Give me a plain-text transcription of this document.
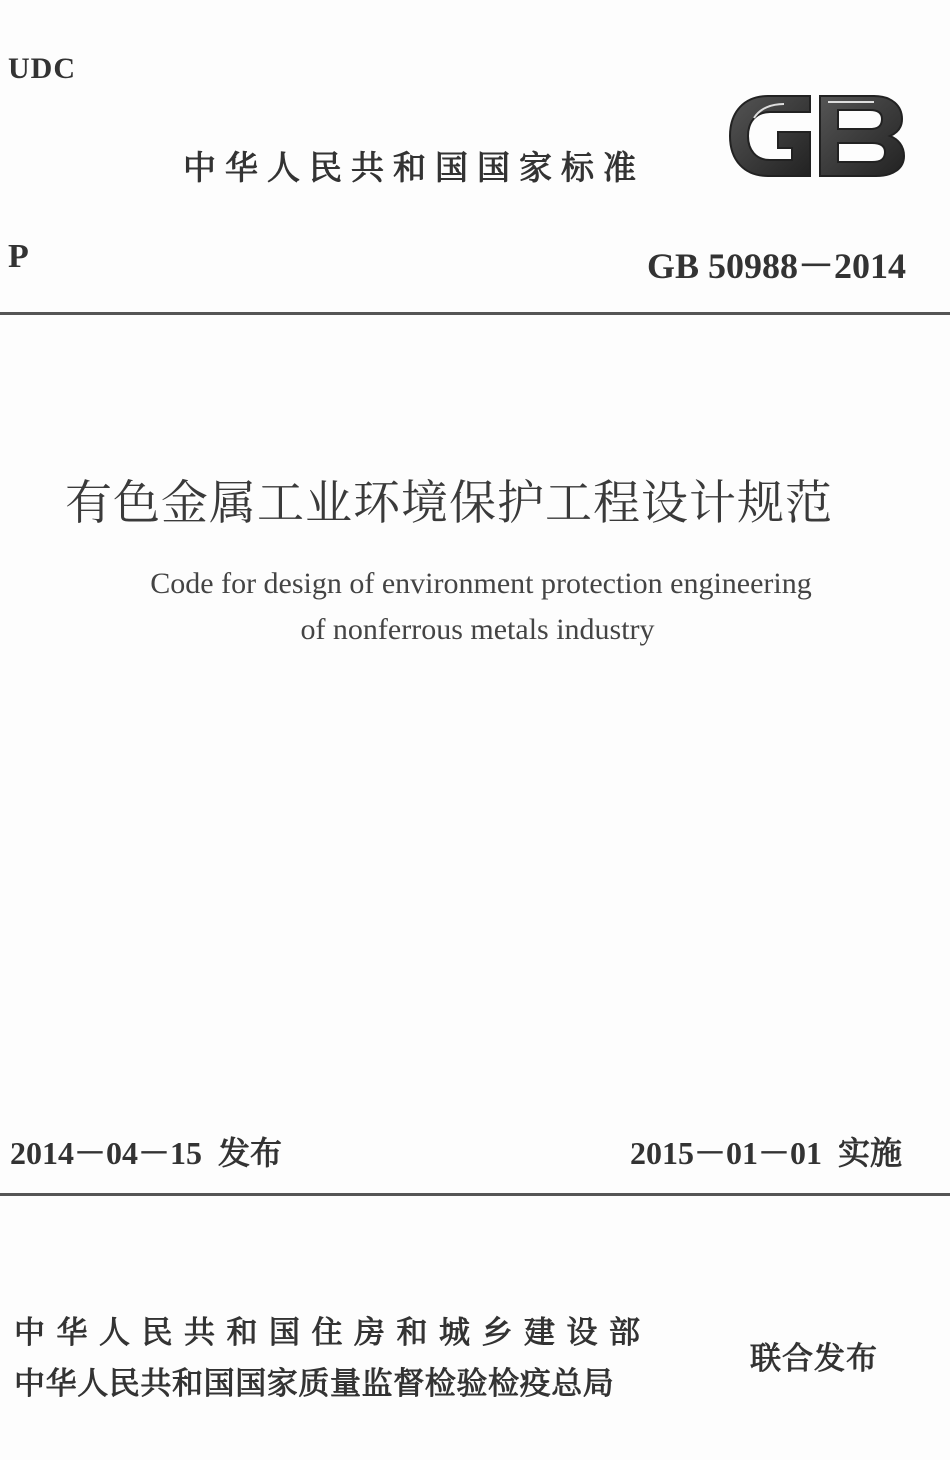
UDC
中华人民共和国国家标准
P	GB 50988－2014
有色金属工业环境保护工程设计规范
Code for design of environment protection engineering
of nonferrous metals industry
2014－04－15 发布	2015－01－01 实施
中华人民共和国住房和城乡建设部
中华人民共和国国家质量监督检验检疫总局
联合发布
